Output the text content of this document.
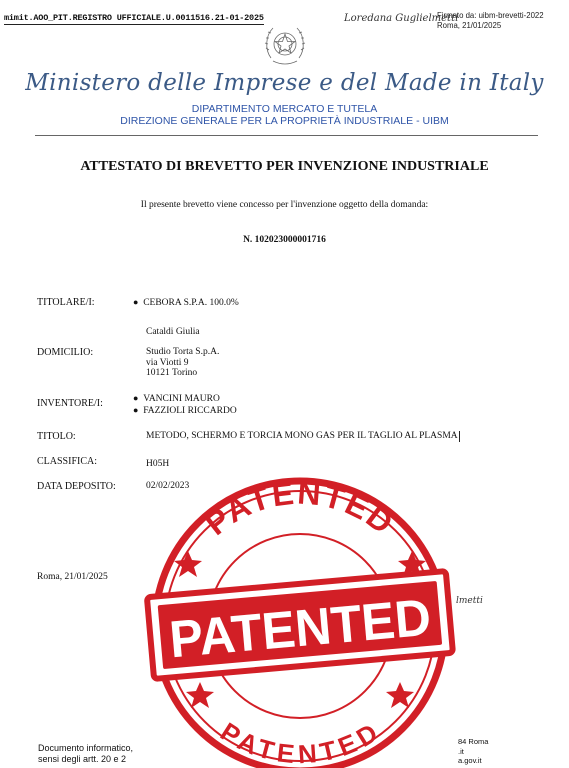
mimit.AOO_PIT.REGISTRO UFFICIALE.U.0011516.21-01-2025	Loredana Guglielmetti
Firmato da: uibm-brevetti-2022
Roma, 21/01/2025
Ministero delle Imprese e del Made in Italy
DIPARTIMENTO MERCATO E TUTELA
DIREZIONE GENERALE PER LA PROPRIETÀ INDUSTRIALE - UIBM
ATTESTATO DI BREVETTO PER INVENZIONE INDUSTRIALE
Il presente brevetto viene concesso per l'invenzione oggetto della domanda:
N. 102023000001716
TITOLARE/I:	● CEBORA S.P.A. 100.0%
Cataldi Giulia
DOMICILIO:	Studio Torta S.p.A.
via Viotti 9
10121 Torino
INVENTORE/I:	● VANCINI MAURO
● FAZZIOLI RICCARDO
TITOLO:	METODO, SCHERMO E TORCIA MONO GAS PER IL TAGLIO AL PLASMA
CLASSIFICA:	H05H
DATA DEPOSITO:	02/02/2023
Roma, 21/01/2025
lmetti
Documento informatico,
sensi degli artt. 20 e 2
84 Roma
.it
a.gov.it
PATENTED
PATENTED
PATENTED
